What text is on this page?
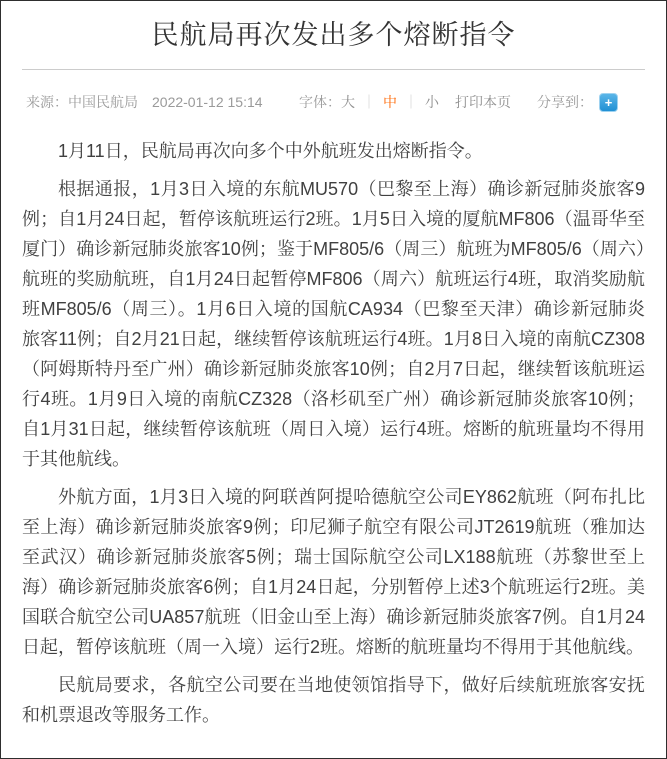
民航局再次发出多个熔断指令
来源：中国民航局 2022-01-12 15:14	字体： 大 ｜ 中 ｜ 小 打印本页 分享到： +

1月11日，民航局再次向多个中外航班发出熔断指令。

根据通报，1月3日入境的东航MU570（巴黎至上海）确诊新冠肺炎旅客9例；自1月24日起，暂停该航班运行2班。1月5日入境的厦航MF806（温哥华至厦门）确诊新冠肺炎旅客10例；鉴于MF805/6（周三）航班为MF805/6（周六）航班的奖励航班，自1月24日起暂停MF806（周六）航班运行4班，取消奖励航班MF805/6（周三）。1月6日入境的国航CA934（巴黎至天津）确诊新冠肺炎旅客11例；自2月21日起，继续暂停该航班运行4班。1月8日入境的南航CZ308（阿姆斯特丹至广州）确诊新冠肺炎旅客10例；自2月7日起，继续暂该航班运行4班。1月9日入境的南航CZ328（洛杉矶至广州）确诊新冠肺炎旅客10例；自1月31日起，继续暂停该航班（周日入境）运行4班。熔断的航班量均不得用于其他航线。

外航方面，1月3日入境的阿联酋阿提哈德航空公司EY862航班（阿布扎比至上海）确诊新冠肺炎旅客9例；印尼狮子航空有限公司JT2619航班（雅加达至武汉）确诊新冠肺炎旅客5例；瑞士国际航空公司LX188航班（苏黎世至上海）确诊新冠肺炎旅客6例；自1月24日起，分别暂停上述3个航班运行2班。美国联合航空公司UA857航班（旧金山至上海）确诊新冠肺炎旅客7例。自1月24日起，暂停该航班（周一入境）运行2班。熔断的航班量均不得用于其他航线。

民航局要求，各航空公司要在当地使领馆指导下，做好后续航班旅客安抚和机票退改等服务工作。
